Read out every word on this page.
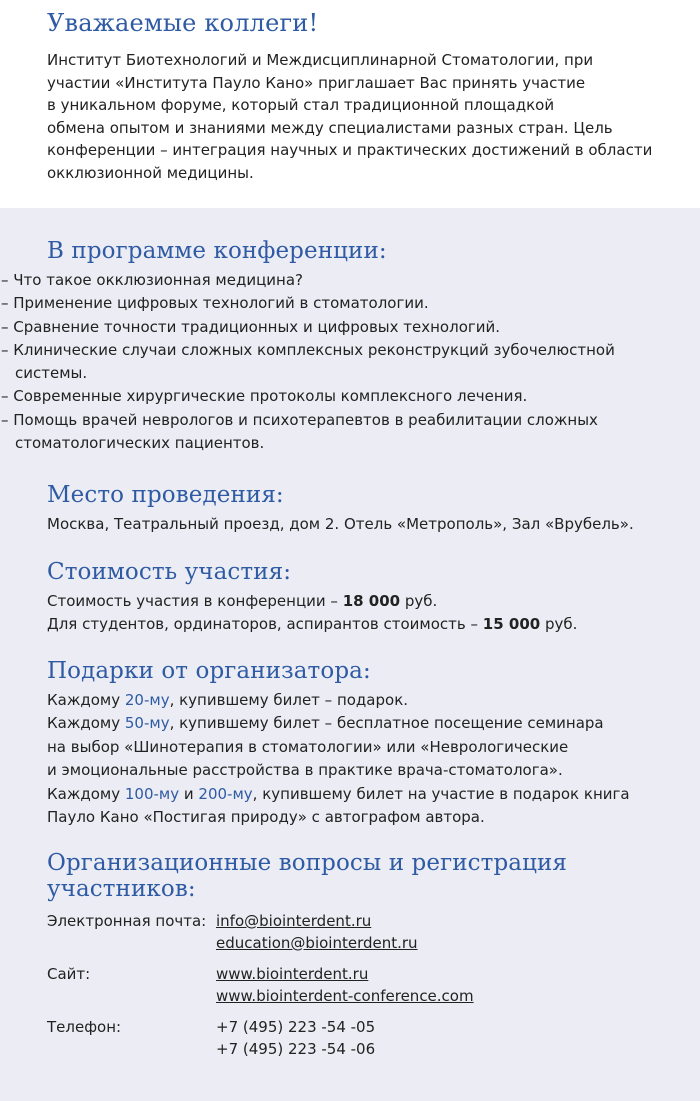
Уважаемые коллеги!

Институт Биотехнологий и Междисциплинарной Стоматологии, при
участии «Института Пауло Кано» приглашает Вас принять участие
в уникальном форуме, который стал традиционной площадкой
обмена опытом и знаниями между специалистами разных стран. Цель
конференции – интеграция научных и практических достижений в области
окклюзионной медицины.

В программе конференции:
– Что такое окклюзионная медицина?
– Применение цифровых технологий в стоматологии.
– Сравнение точности традиционных и цифровых технологий.
– Клинические случаи сложных комплексных реконструкций зубочелюстной системы.
– Современные хирургические протоколы комплексного лечения.
– Помощь врачей неврологов и психотерапевтов в реабилитации сложных стоматологических пациентов.
Место проведения:
Москва, Театральный проезд, дом 2. Отель «Метрополь», Зал «Врубель».
Стоимость участия:
Стоимость участия в конференции – 18 000 руб.
Для студентов, ординаторов, аспирантов стоимость – 15 000 руб.
Подарки от организатора:
Каждому 20-му, купившему билет – подарок.
Каждому 50-му, купившему билет – бесплатное посещение семинара
на выбор «Шинотерапия в стоматологии» или «Неврологические
и эмоциональные расстройства в практике врача-стоматолога».
Каждому 100-му и 200-му, купившему билет на участие в подарок книга
Пауло Кано «Постигая природу» с автографом автора.
Организационные вопросы и регистрация участников:
Электронная почта: info@biointerdent.ru
education@biointerdent.ru
Сайт:	www.biointerdent.ru
www.biointerdent-conference.com
Телефон:	+7 (495) 223 -54 -05
+7 (495) 223 -54 -06
